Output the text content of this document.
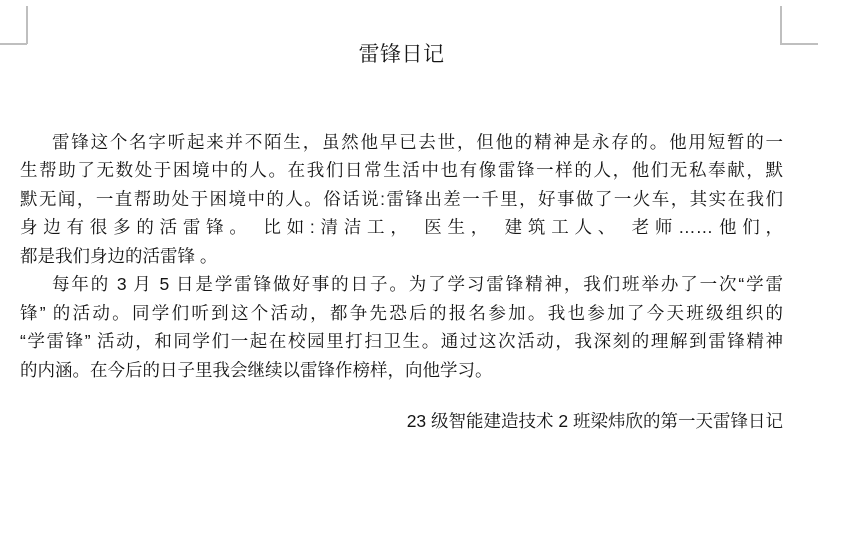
雷锋日记
雷锋这个名字听起来并不陌生，虽然他早已去世，但他的精神是永存的。他用短暂的一
生帮助了无数处于困境中的人。在我们日常生活中也有像雷锋一样的人，他们无私奉献，默
默无闻，一直帮助处于困境中的人。俗话说:雷锋出差一千里，好事做了一火车，其实在我们
身边有很多的活雷锋。 比如:清洁工， 医生， 建筑工人、 老师……他们，
都是我们身边的活雷锋 。
每年的 3 月 5 日是学雷锋做好事的日子。为了学习雷锋精神，我们班举办了一次“学雷
锋” 的活动。同学们听到这个活动，都争先恐后的报名参加。我也参加了今天班级组织的
“学雷锋” 活动，和同学们一起在校园里打扫卫生。通过这次活动，我深刻的理解到雷锋精神
的内涵。在今后的日子里我会继续以雷锋作榜样，向他学习。
23 级智能建造技术 2 班梁炜欣的第一天雷锋日记
